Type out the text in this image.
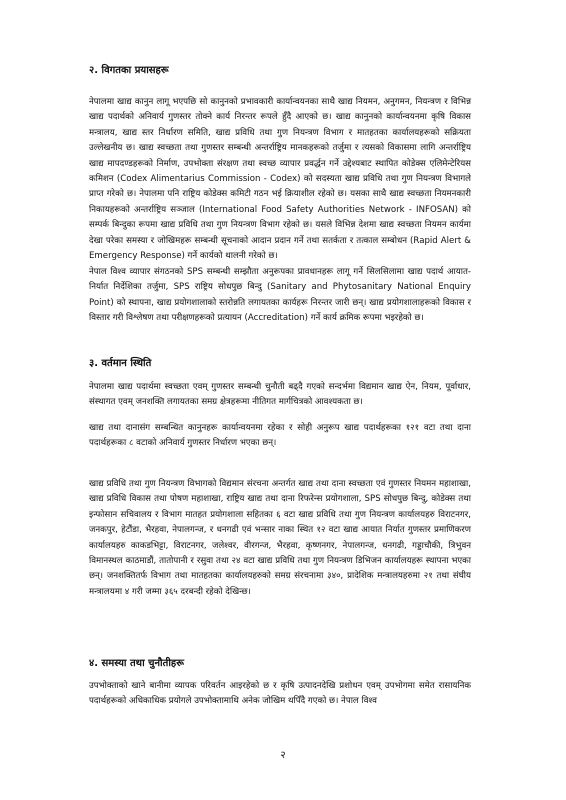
२. विगतका प्रयासहरू
नेपालमा खाद्य कानुन लागू भएपछि सो कानुनको प्रभावकारी कार्यान्वयनका साथै खाद्य नियमन, अनुगमन, नियन्त्रण र विभिन्न खाद्य पदार्थको अनिवार्य गुणस्तर तोक्ने कार्य निरन्तर रूपले हुँदै आएको छ। खाद्य कानुनको कार्यान्वयनमा कृषि विकास मन्त्रालय, खाद्य स्तर निर्धारण समिति, खाद्य प्रविधि तथा गुण नियन्त्रण विभाग र मातहतका कार्यालयहरूको सक्रियता उल्लेखनीय छ। खाद्य स्वच्छता तथा गुणस्तर सम्बन्धी अन्तर्राष्ट्रिय मानकहरूको तर्जुमा र त्यसको विकासमा लागि अन्तर्राष्ट्रिय खाद्य मापदण्डहरूको निर्माण, उपभोक्ता संरक्षण तथा स्वच्छ व्यापार प्रवर्द्धन गर्ने उद्देश्यबाट स्थापित कोडेक्स एलिमेन्टेरियस कमिशन (Codex Alimentarius Commission - Codex) को सदस्यता खाद्य प्रविधि तथा गुण नियन्त्रण विभागले प्राप्त गरेको छ। नेपालमा पनि राष्ट्रिय कोडेक्स कमिटी गठन भई क्रियाशील रहेको छ। यसका साथै खाद्य स्वच्छता नियमनकारी निकायहरूको अन्तर्राष्ट्रिय सञ्जाल (International Food Safety Authorities Network - INFOSAN) को सम्पर्क बिन्दुका रूपमा खाद्य प्रविधि तथा गुण नियन्त्रण विभाग रहेको छ। यसले विभिन्न देशमा खाद्य स्वच्छता नियमन कार्यमा देखा परेका समस्या र जोखिमहरू सम्बन्धी सूचनाको आदान प्रदान गर्ने तथा सतर्कता र तत्काल सम्बोधन (Rapid Alert & Emergency Response) गर्ने कार्यको थालनी गरेको छ।
नेपाल विश्व व्यापार संगठनको SPS सम्बन्धी सम्झौता अनुरूपका प्रावधानहरू लागू गर्ने सिलसिलामा खाद्य पदार्थ आयात-निर्यात निर्देशिका तर्जुमा, SPS राष्ट्रिय सोधपुछ बिन्दु (Sanitary and Phytosanitary National Enquiry Point) को स्थापना, खाद्य प्रयोगशालाको स्तरोन्नति लगायतका कार्यहरू निरन्तर जारी छन्। खाद्य प्रयोगशालाहरूको विकास र विस्तार गरी विश्लेषण तथा परीक्षणहरूको प्रत्यायन (Accreditation) गर्ने कार्य क्रमिक रूपमा भइरहेको छ।
३. वर्तमान स्थिति
नेपालमा खाद्य पदार्थमा स्वच्छता एवम् गुणस्तर सम्बन्धी चुनौती बढ्दै गएको सन्दर्भमा विद्यमान खाद्य ऐन, नियम, पूर्वाधार, संस्थागत एवम् जनशक्ति लगायतका समग्र क्षेत्रहरूमा नीतिगत मार्गचित्रको आवश्यकता छ।
खाद्य तथा दानासंग सम्बन्धित कानुनहरू कार्यान्वयनमा रहेका र सोही अनुरूप खाद्य पदार्थहरूका १२१ वटा तथा दाना पदार्थहरूका ८ वटाको अनिवार्य गुणस्तर निर्धारण भएका छन्।
खाद्य प्रविधि तथा गुण नियन्त्रण विभागको विद्यमान संरचना अन्तर्गत खाद्य तथा दाना स्वच्छता एवं गुणस्तर नियमन महाशाखा, खाद्य प्रविधि विकास तथा पोषण महाशाखा, राष्ट्रिय खाद्य तथा दाना रिफरेन्स प्रयोगशाला, SPS सोधपुछ बिन्दु, कोडेक्स तथा इन्फोसान सचिवालय र विभाग मातहत प्रयोगशाला सहितका ६ वटा खाद्य प्रविधि तथा गुण नियन्त्रण कार्यालयहरु विराटनगर, जनकपुर, हेटौंडा, भैरहवा, नेपालगन्ज, र धनगढी एवं भन्सार नाका स्थित १२ वटा खाद्य आयात निर्यात गुणस्तर प्रमाणिकरण कार्यालयहरु काकडभिट्टा, विराटनगर, जलेश्वर, वीरगन्ज, भैरहवा, कृष्णनगर, नेपालगन्ज, धनगढी, गड्डाचौकी, त्रिभुवन विमानस्थल काठमाडौं, तातोपानी र रसुवा तथा २४ वटा खाद्य प्रविधि तथा गुण नियन्त्रण डिभिजन कार्यालयहरू स्थापना भएका छन्। जनशक्तितर्फ विभाग तथा मातहतका कार्यालयहरुको समग्र संरचनामा ३४०, प्रादेशिक मन्त्रालयहरुमा २१ तथा संघीय मन्त्रालयमा ४ गरी जम्मा ३६५ दरबन्दी रहेको देखिन्छ।
४. समस्या तथा चुनौतीहरू
उपभोक्ताको खाने बानीमा व्यापक परिवर्तन आइरहेको छ र कृषि उत्पादनदेखि प्रशोधन एवम् उपभोगमा समेत रासायनिक पदार्थहरूको अधिकाधिक प्रयोगले उपभोक्तामाथि अनेक जोखिम थपिँदै गएको छ। नेपाल विश्व
२
